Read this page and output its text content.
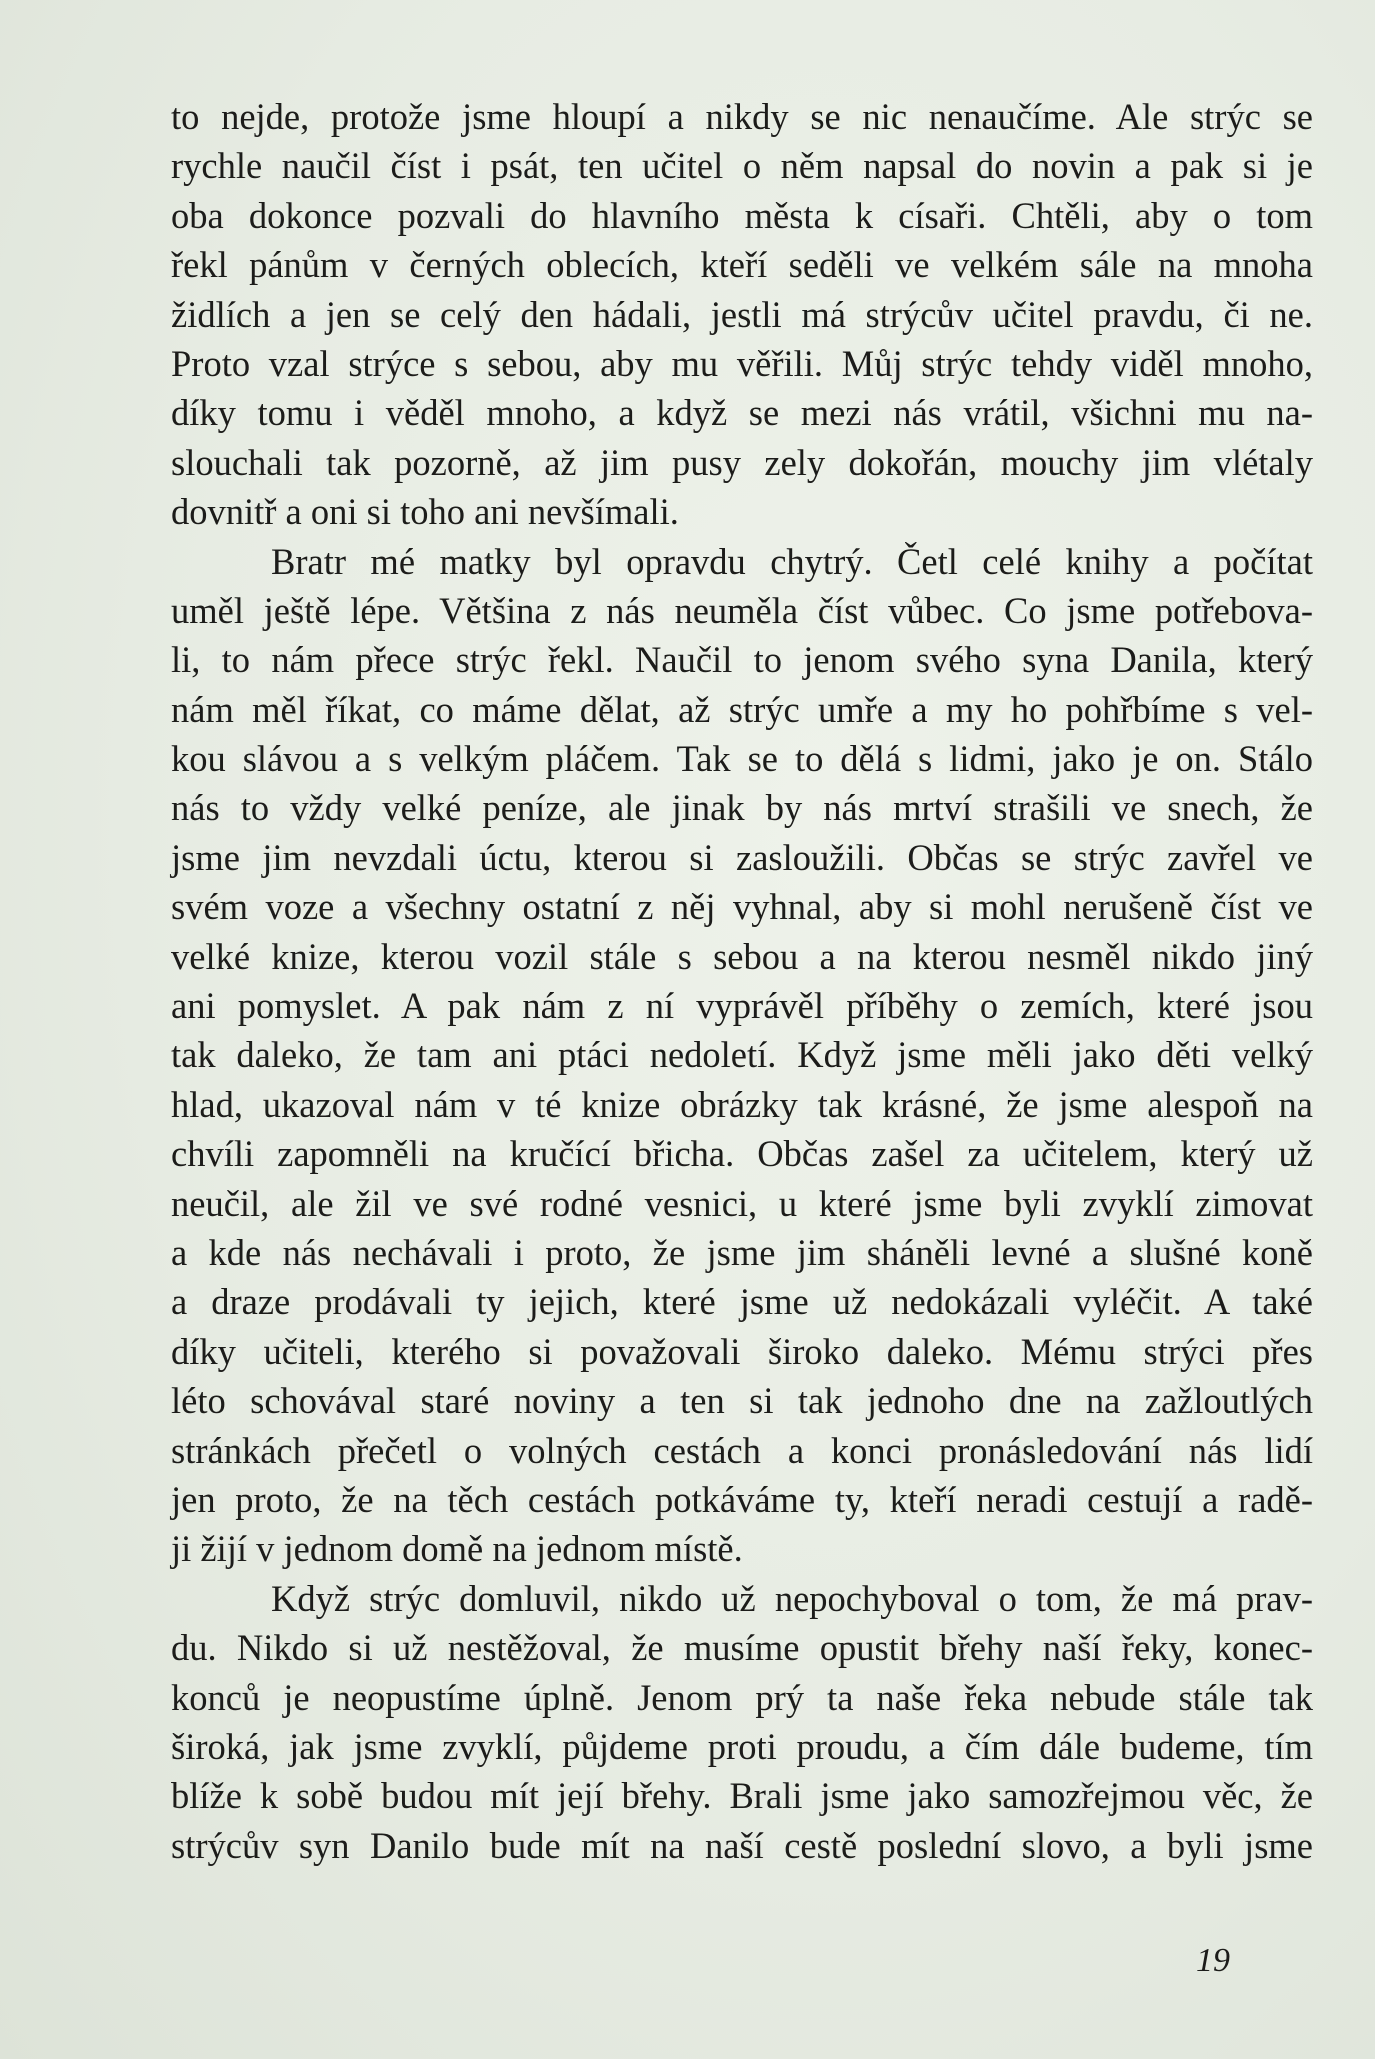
to nejde, protože jsme hloupí a nikdy se nic nenaučíme. Ale strýc se
rychle naučil číst i psát, ten učitel o něm napsal do novin a pak si je
oba dokonce pozvali do hlavního města k císaři. Chtěli, aby o tom
řekl pánům v černých oblecích, kteří seděli ve velkém sále na mnoha
židlích a jen se celý den hádali, jestli má strýcův učitel pravdu, či ne.
Proto vzal strýce s sebou, aby mu věřili. Můj strýc tehdy viděl mnoho,
díky tomu i věděl mnoho, a když se mezi nás vrátil, všichni mu na-
slouchali tak pozorně, až jim pusy zely dokořán, mouchy jim vlétaly
dovnitř a oni si toho ani nevšímali.
Bratr mé matky byl opravdu chytrý. Četl celé knihy a počítat
uměl ještě lépe. Většina z nás neuměla číst vůbec. Co jsme potřebova-
li, to nám přece strýc řekl. Naučil to jenom svého syna Danila, který
nám měl říkat, co máme dělat, až strýc umře a my ho pohřbíme s vel-
kou slávou a s velkým pláčem. Tak se to dělá s lidmi, jako je on. Stálo
nás to vždy velké peníze, ale jinak by nás mrtví strašili ve snech, že
jsme jim nevzdali úctu, kterou si zasloužili. Občas se strýc zavřel ve
svém voze a všechny ostatní z něj vyhnal, aby si mohl nerušeně číst ve
velké knize, kterou vozil stále s sebou a na kterou nesměl nikdo jiný
ani pomyslet. A pak nám z ní vyprávěl příběhy o zemích, které jsou
tak daleko, že tam ani ptáci nedoletí. Když jsme měli jako děti velký
hlad, ukazoval nám v té knize obrázky tak krásné, že jsme alespoň na
chvíli zapomněli na kručící břicha. Občas zašel za učitelem, který už
neučil, ale žil ve své rodné vesnici, u které jsme byli zvyklí zimovat
a kde nás nechávali i proto, že jsme jim sháněli levné a slušné koně
a draze prodávali ty jejich, které jsme už nedokázali vyléčit. A také
díky učiteli, kterého si považovali široko daleko. Mému strýci přes
léto schovával staré noviny a ten si tak jednoho dne na zažloutlých
stránkách přečetl o volných cestách a konci pronásledování nás lidí
jen proto, že na těch cestách potkáváme ty, kteří neradi cestují a radě-
ji žijí v jednom domě na jednom místě.
Když strýc domluvil, nikdo už nepochyboval o tom, že má prav-
du. Nikdo si už nestěžoval, že musíme opustit břehy naší řeky, konec-
konců je neopustíme úplně. Jenom prý ta naše řeka nebude stále tak
široká, jak jsme zvyklí, půjdeme proti proudu, a čím dále budeme, tím
blíže k sobě budou mít její břehy. Brali jsme jako samozřejmou věc, že
strýcův syn Danilo bude mít na naší cestě poslední slovo, a byli jsme
19
